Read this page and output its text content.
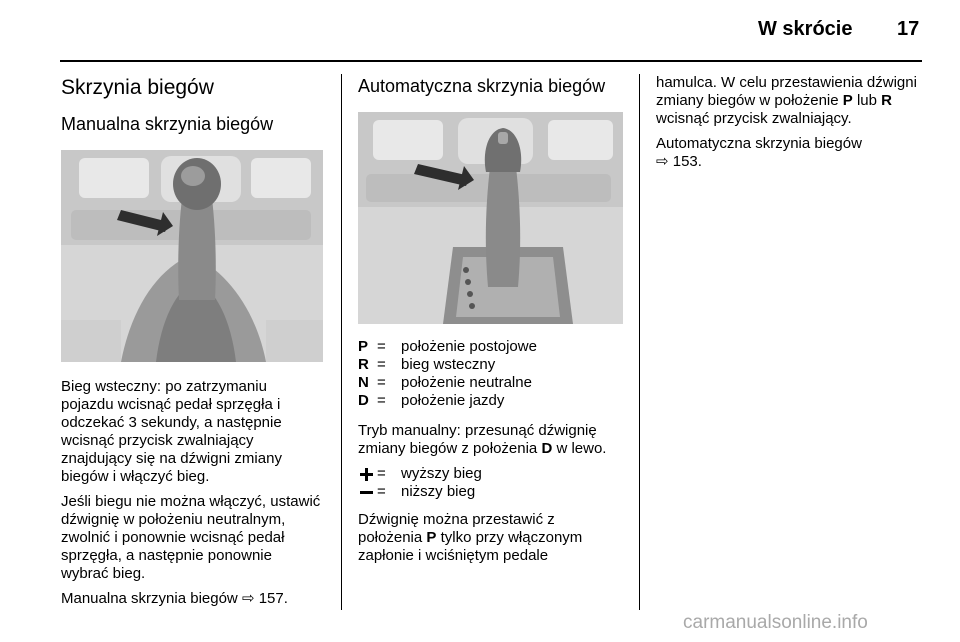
W skrócie 17
Skrzynia biegów
Manualna skrzynia biegów

Bieg wsteczny: po zatrzymaniu pojazdu wcisnąć pedał sprzęgła i odczekać 3 sekundy, a następnie wcisnąć przycisk zwalniający znajdujący się na dźwigni zmiany biegów i włączyć bieg.

Jeśli biegu nie można włączyć, ustawić dźwignię w położeniu neutralnym, zwolnić i ponownie wcisnąć pedał sprzęgła, a następnie ponownie wybrać bieg.

Manualna skrzynia biegów ⇨ 157.

Automatyczna skrzynia biegów
P =	położenie postojowe
R =	bieg wsteczny
N =	położenie neutralne
D =	położenie jazdy

Tryb manualny: przesunąć dźwignię zmiany biegów z położenia D w lewo.

=	wyższy bieg
=	niższy bieg

Dźwignię można przestawić z położenia P tylko przy włączonym zapłonie i wciśniętym pedale

hamulca. W celu przestawienia dźwigni zmiany biegów w położenie P lub R wcisnąć przycisk zwalniający.

Automatyczna skrzynia biegów
⇨ 153.

carmanualsonline.info
